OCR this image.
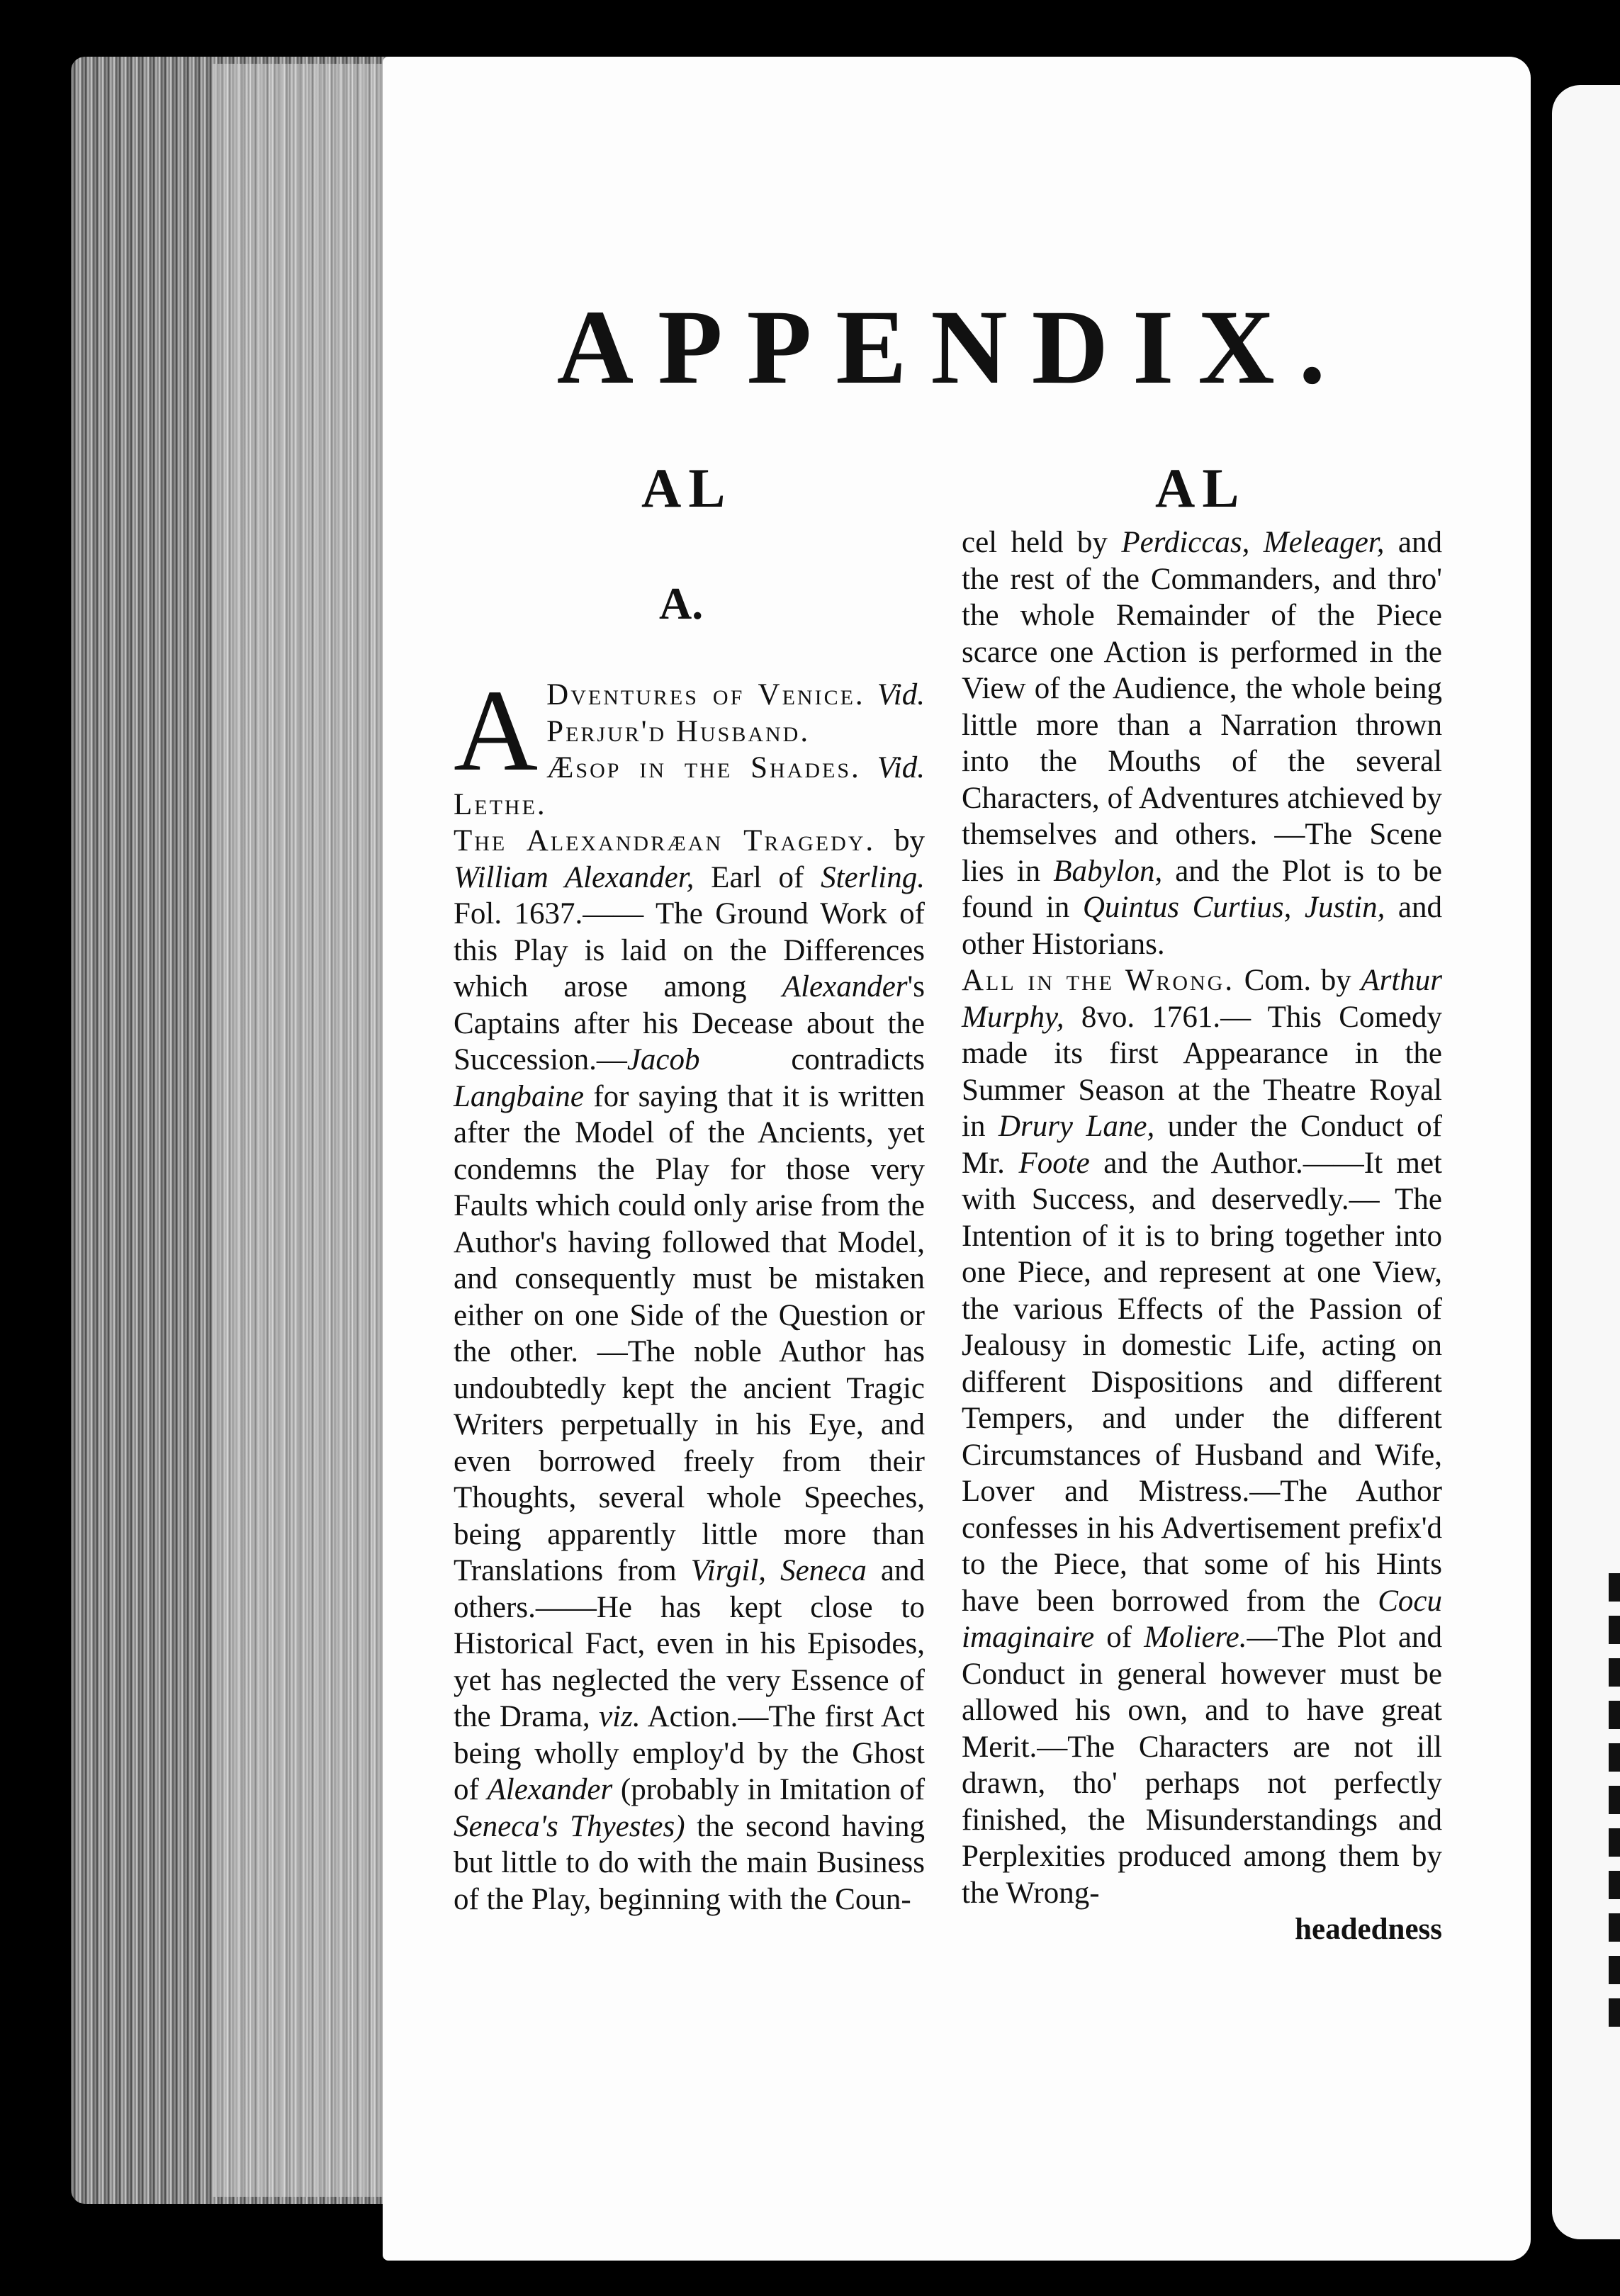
APPENDIX.
AL	AL
A.

A Dventures of Venice. Vid. Perjur'd Husband.

Æsop in the Shades. Vid. Lethe.

The Alexandræan Tragedy. by William Alexander, Earl of Sterling. Fol. 1637.—— The Ground Work of this Play is laid on the Differences which arose among Alexander's Captains after his Decease about the Succession.—Jacob	contradicts Langbaine for saying that it is written after the Model of the Ancients, yet condemns the Play for those very Faults which could only arise from the Author's having followed that Model, and consequently must be mistaken either on one Side of the Question or the other. —The noble Author has undoubtedly kept the ancient Tragic Writers perpetually in his Eye, and even borrowed freely from their Thoughts, several whole Speeches, being apparently little more than Translations from Virgil, Seneca and others.——He has kept close to Historical Fact, even in his Episodes, yet has neglected the very Essence of the Drama, viz. Action.—The first Act being wholly employ'd by the Ghost of Alexander (probably in Imitation of Seneca's Thyestes) the second having but little to do with the main Business of the Play, beginning with the Coun-

cel held by Perdiccas, Meleager, and the rest of the Commanders, and thro' the whole Remainder of the Piece scarce one Action is performed in the View of the Audience, the whole being little more than a Narration thrown into the Mouths of the several Characters, of Adventures atchieved by themselves and others. —The Scene lies in Babylon, and the Plot is to be found in Quintus Curtius, Justin, and other Historians.

All in the Wrong. Com. by Arthur Murphy, 8vo. 1761.— This Comedy made its first Appearance in the Summer Season at the Theatre Royal in Drury Lane, under the Conduct of Mr. Foote and the Author.——It met with Success, and deservedly.— The Intention of it is to bring together into one Piece, and represent at one View, the various Effects of the Passion of Jealousy in domestic Life, acting on different Dispositions and different Tempers, and under the different Circumstances of Husband and Wife, Lover and Mistress.—The Author confesses in his Advertisement prefix'd to the Piece, that some of his Hints have been borrowed from the Cocu imaginaire of Moliere.—The Plot and Conduct in general however must be allowed his own, and to have great Merit.—The Characters are not ill drawn, tho' perhaps not perfectly finished, the Misunderstandings and Perplexities produced among them by the Wrong-

headedness
